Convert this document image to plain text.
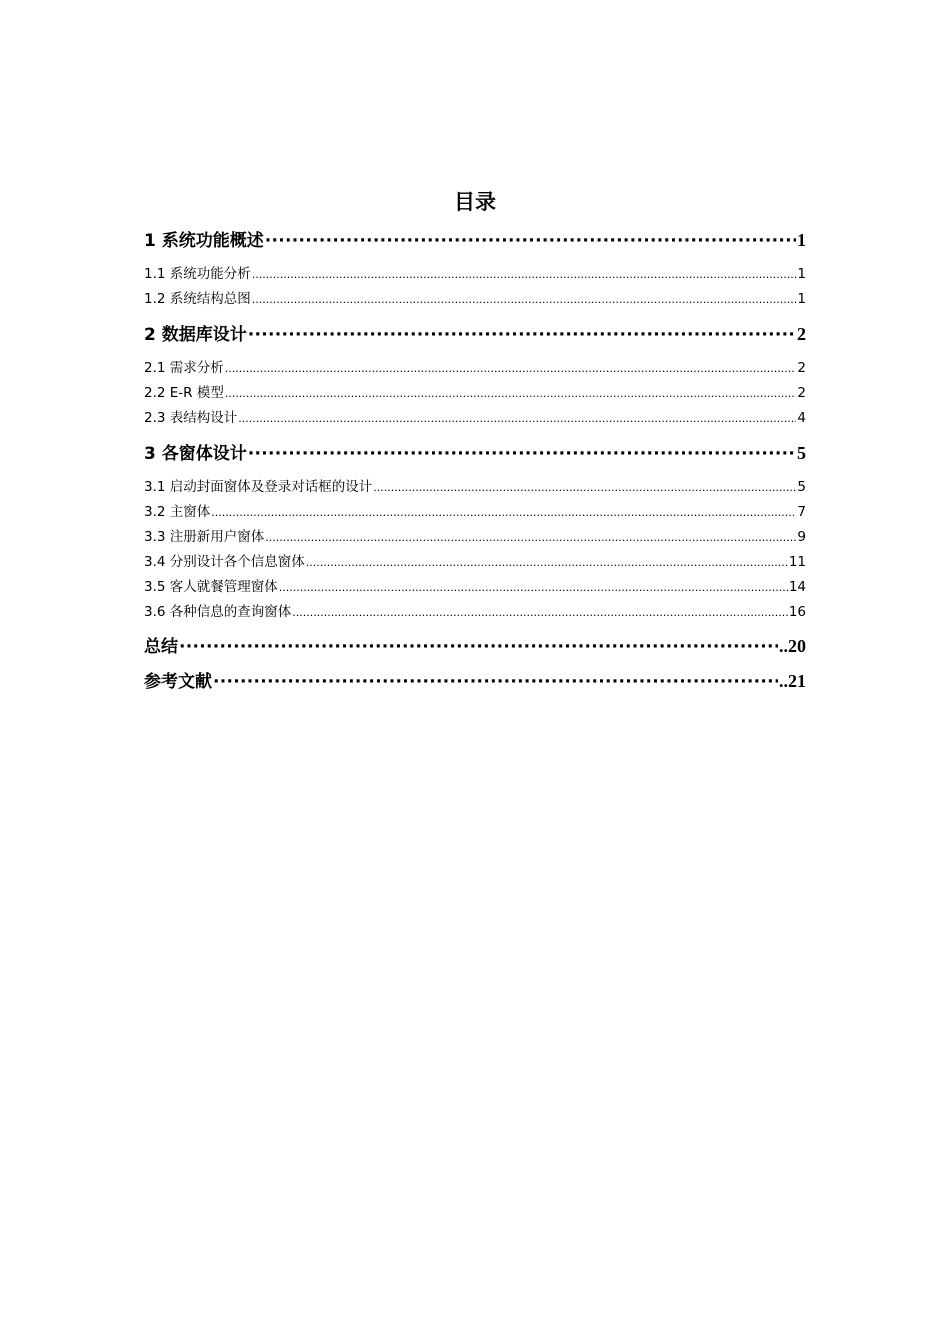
目录
1 系统功能概述 ·····	1
1.1 系统功能分析 .....	1
1.2 系统结构总图 .....	1
2 数据库设计 ·····	2
2.1 需求分析 .....	2
2.2 E-R 模型 .....	2
2.3 表结构设计 .....	4
3 各窗体设计 ·····	5
3.1 启动封面窗体及登录对话框的设计 .....	5
3.2 主窗体 .....	7
3.3 注册新用户窗体 .....	9
3.4 分别设计各个信息窗体 .....	11
3.5 客人就餐管理窗体 .....	14
3.6 各种信息的查询窗体 .....	16
总结 ·····	..20
参考文献 ·····	..21
